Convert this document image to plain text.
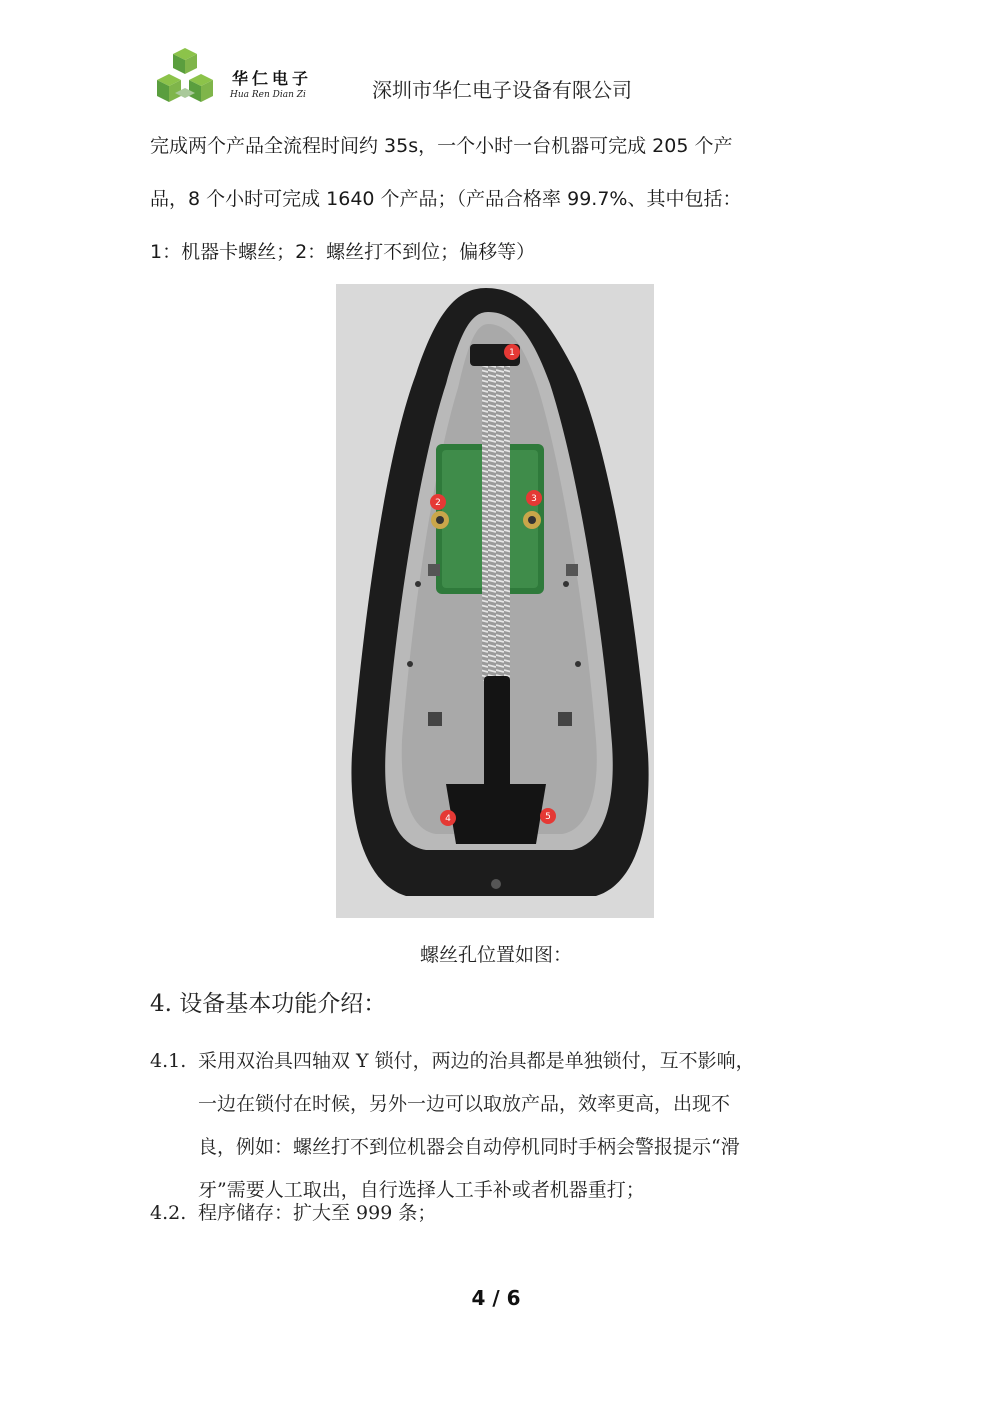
华仁电子
Hua Ren Dian Zi	深圳市华仁电子设备有限公司

完成两个产品全流程时间约 35s，一个小时一台机器可完成 205 个产

品，8 个小时可完成 1640 个产品；（产品合格率 99.7%、其中包括：

1：机器卡螺丝；2：螺丝打不到位；偏移等）

1
2	3
4	5
螺丝孔位置如图：
4. 设备基本功能介绍：
4.1. 采用双治具四轴双 Y 锁付，两边的治具都是单独锁付，互不影响，
一边在锁付在时候，另外一边可以取放产品，效率更高，出现不
良，例如：螺丝打不到位机器会自动停机同时手柄会警报提示“滑
牙”需要人工取出，自行选择人工手补或者机器重打；
4.2. 程序储存：扩大至 999 条；
4 / 6
